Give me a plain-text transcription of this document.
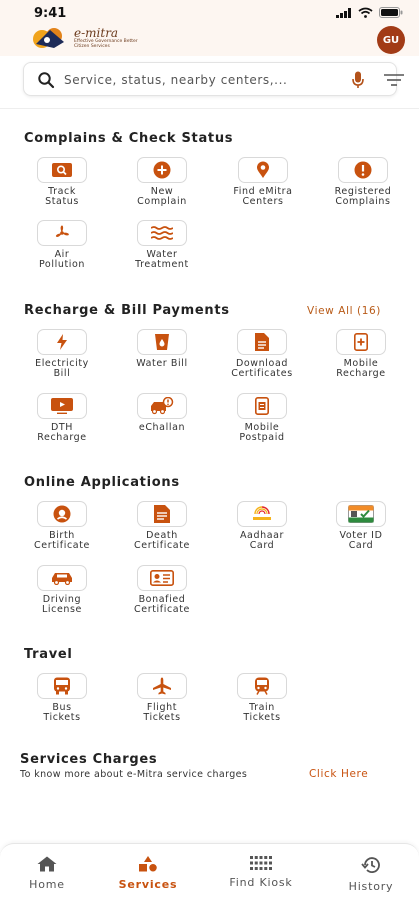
9:41
e-mitra
Effective Governance Better Citizen Services
GU
Service, status, nearby centers,...
Complains & Check Status
Track
Status
New
Complain
Find eMitra
Centers
Registered
Complains
Air
Pollution
Water
Treatment
Recharge & Bill Payments	View All (16)
Electricity
Bill
Water Bill	Download
Certificates
Mobile
Recharge
DTH
Recharge
eChallan	Mobile
Postpaid
Online Applications
Birth
Certificate
Death
Certificate
Aadhaar
Card
Voter ID
Card
Driving
License
Bonafied
Certificate
Travel
Bus
Tickets
Flight
Tickets
Train
Tickets
Services Charges
To know more about e-Mitra service charges	Click Here
Home	Services	Find Kiosk	History
